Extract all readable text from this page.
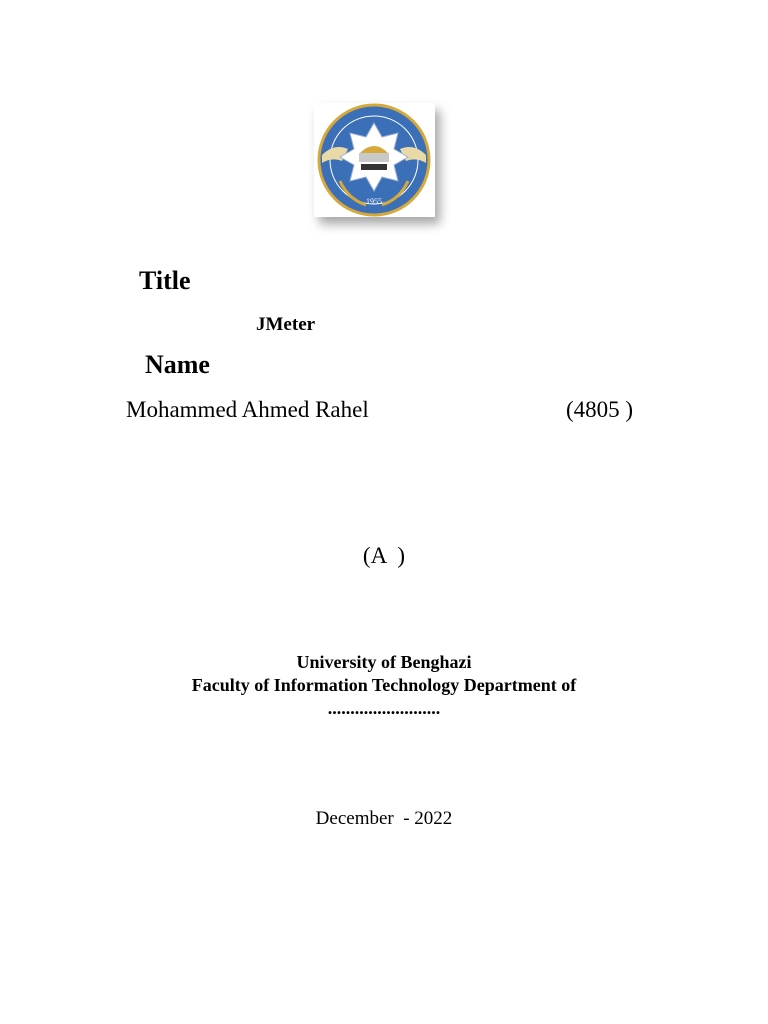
1955
Title
JMeter
Name
Mohammed Ahmed Rahel	(4805 )
(A  )
University of Benghazi
Faculty of Information Technology Department of
.........................
December  - 2022
